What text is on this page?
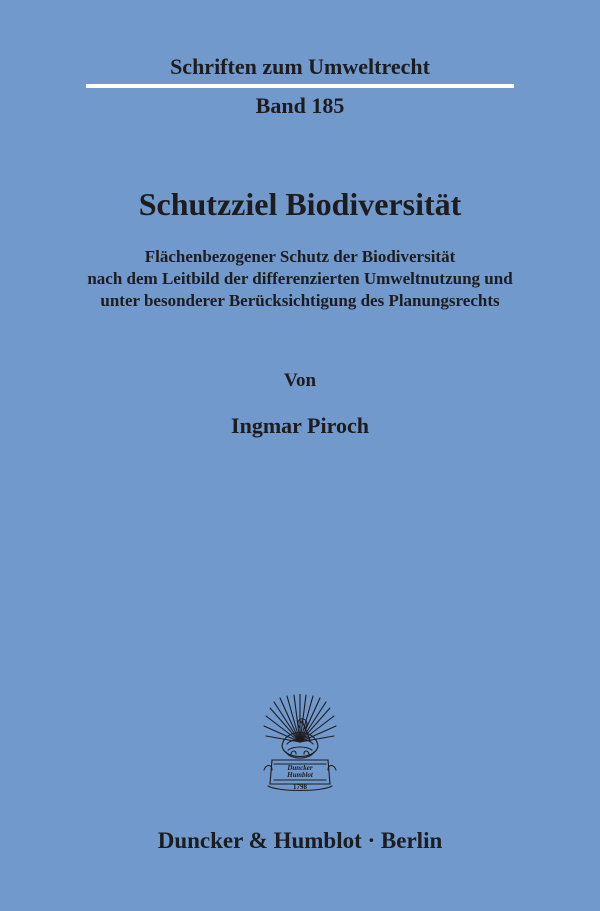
Schriften zum Umweltrecht
Band 185
Schutzziel Biodiversität
Flächenbezogener Schutz der Biodiversität
nach dem Leitbild der differenzierten Umweltnutzung und
unter besonderer Berücksichtigung des Planungsrechts
Von
Ingmar Piroch
Duncker
Humblot
1798
Duncker & Humblot · Berlin
